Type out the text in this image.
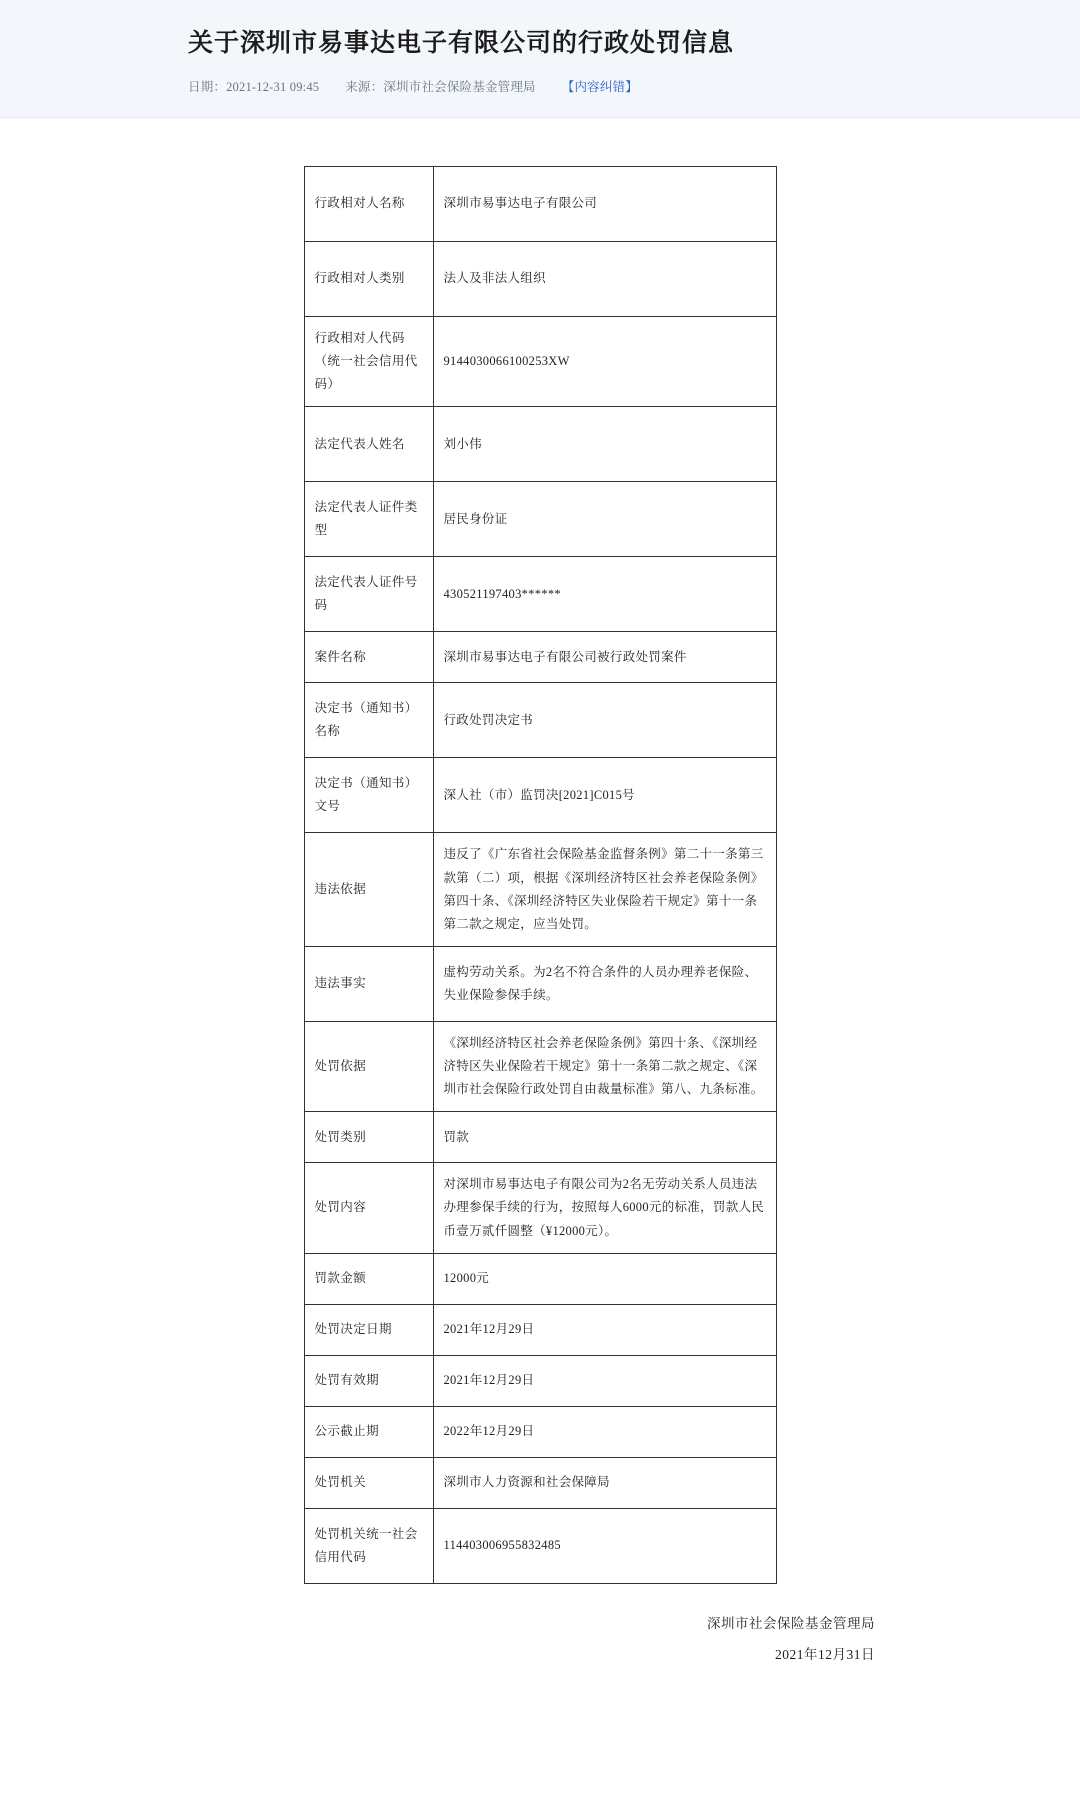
关于深圳市易事达电子有限公司的行政处罚信息
日期：2021-12-31 09:45 来源：深圳市社会保险基金管理局 【内容纠错】
行政相对人名称	深圳市易事达电子有限公司
行政相对人类别	法人及非法人组织
行政相对人代码（统一社会信用代码）	9144030066100253XW
法定代表人姓名	刘小伟
法定代表人证件类型	居民身份证
法定代表人证件号码	430521197403******
案件名称	深圳市易事达电子有限公司被行政处罚案件
决定书（通知书）名称	行政处罚决定书
决定书（通知书）文号	深人社（市）监罚决[2021]C015号
违法依据	违反了《广东省社会保险基金监督条例》第二十一条第三款第（二）项，根据《深圳经济特区社会养老保险条例》第四十条、《深圳经济特区失业保险若干规定》第十一条第二款之规定，应当处罚。
违法事实	虚构劳动关系。为2名不符合条件的人员办理养老保险、失业保险参保手续。
处罚依据	《深圳经济特区社会养老保险条例》第四十条、《深圳经济特区失业保险若干规定》第十一条第二款之规定、《深圳市社会保险行政处罚自由裁量标准》第八、九条标准。
处罚类别	罚款
处罚内容	对深圳市易事达电子有限公司为2名无劳动关系人员违法办理参保手续的行为，按照每人6000元的标准，罚款人民币壹万贰仟圆整（¥12000元）。
罚款金额	12000元
处罚决定日期	2021年12月29日
处罚有效期	2021年12月29日
公示截止期	2022年12月29日
处罚机关	深圳市人力资源和社会保障局
处罚机关统一社会信用代码	114403006955832485
深圳市社会保险基金管理局
2021年12月31日
